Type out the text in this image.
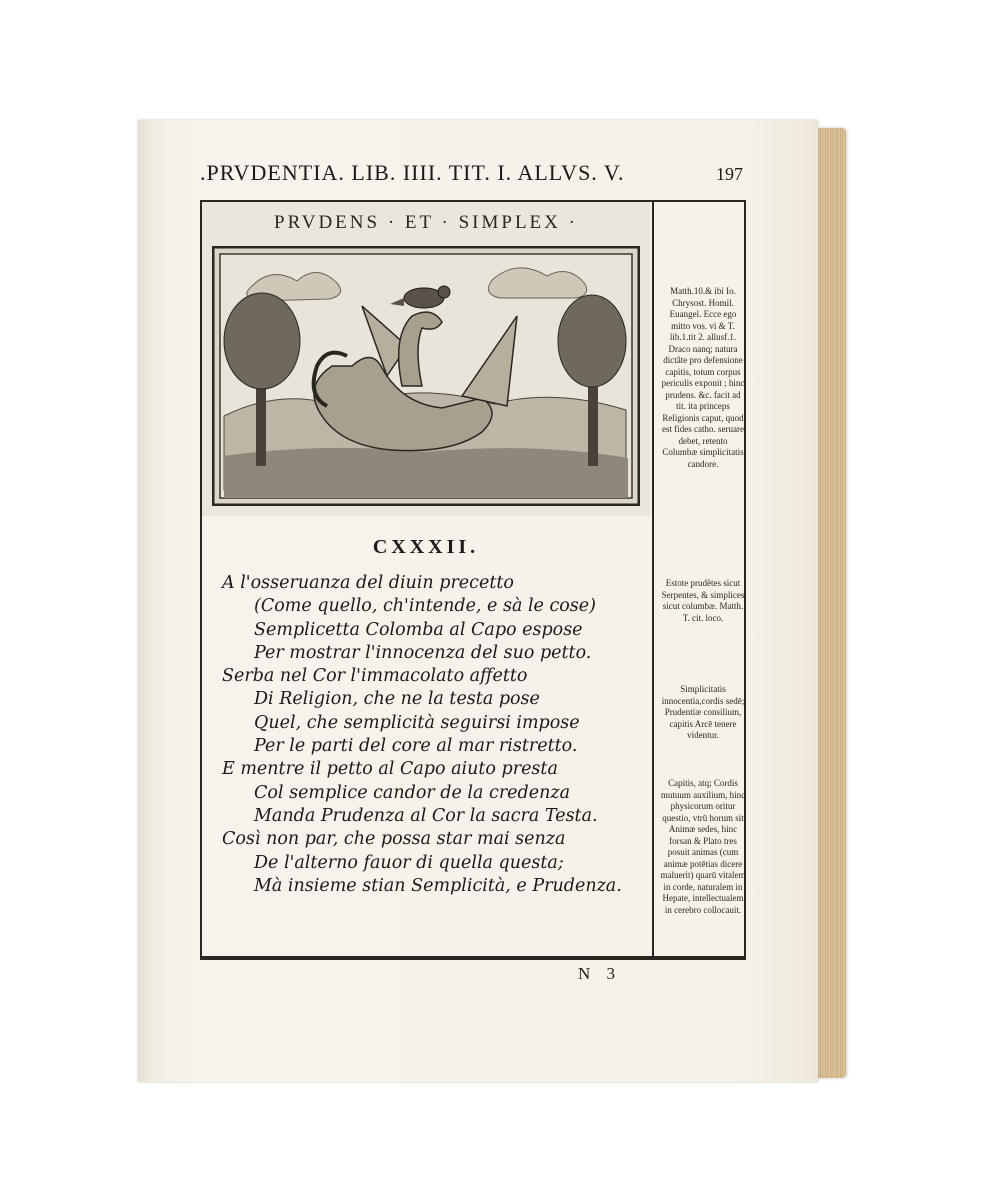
.PRVDENTIA. LIB. IIII. TIT. I. ALLVS. V.	197
PRVDENS · ET · SIMPLEX ·
CXXXII.
A l'osseruanza del diuin precetto
(Come quello, ch'intende, e sà le cose)
Semplicetta Colomba al Capo espose
Per mostrar l'innocenza del suo petto.
Serba nel Cor l'immacolato affetto
Di Religion, che ne la testa pose
Quel, che semplicità seguirsi impose
Per le parti del core al mar ristretto.
E mentre il petto al Capo aiuto presta
Col semplice candor de la credenza
Manda Prudenza al Cor la sacra Testa.
Così non par, che possa star mai senza
De l'alterno fauor di quella questa;
Mà insieme stian Semplicità, e Prudenza.
Matth.10.& ibi Io. Chrysost. Homil. Euangel. Ecce ego mitto vos. vi & T. lib.1.tit 2. allusf.1. Draco nanq; natura dictâte pro defensione capitis, totum corpus periculis exponit ; hinc prudens. &c. facit ad tit. ita princeps Religionis caput, quod est fides catho. seruare debet, retento Columbæ simplicitatis candore.
Estote prudêtes sicut Serpentes, & simplices sicut columbæ. Matth. T. cit. loco.
Simplicitatis innocentia,cordis sedē; Prudentiæ consilium, capitis Arcē tenere videntur.
Capitis, atq; Cordis mutuum auxilium, hinc physicorum oritur questio, vtrū horum sit Animæ sedes, hinc forsan & Plato tres posuit animas (cum animæ potētias dicere maluerit) quarū vitalem in corde, naturalem in Hepate, intellectualem in cerebro collocauit.
N 3
